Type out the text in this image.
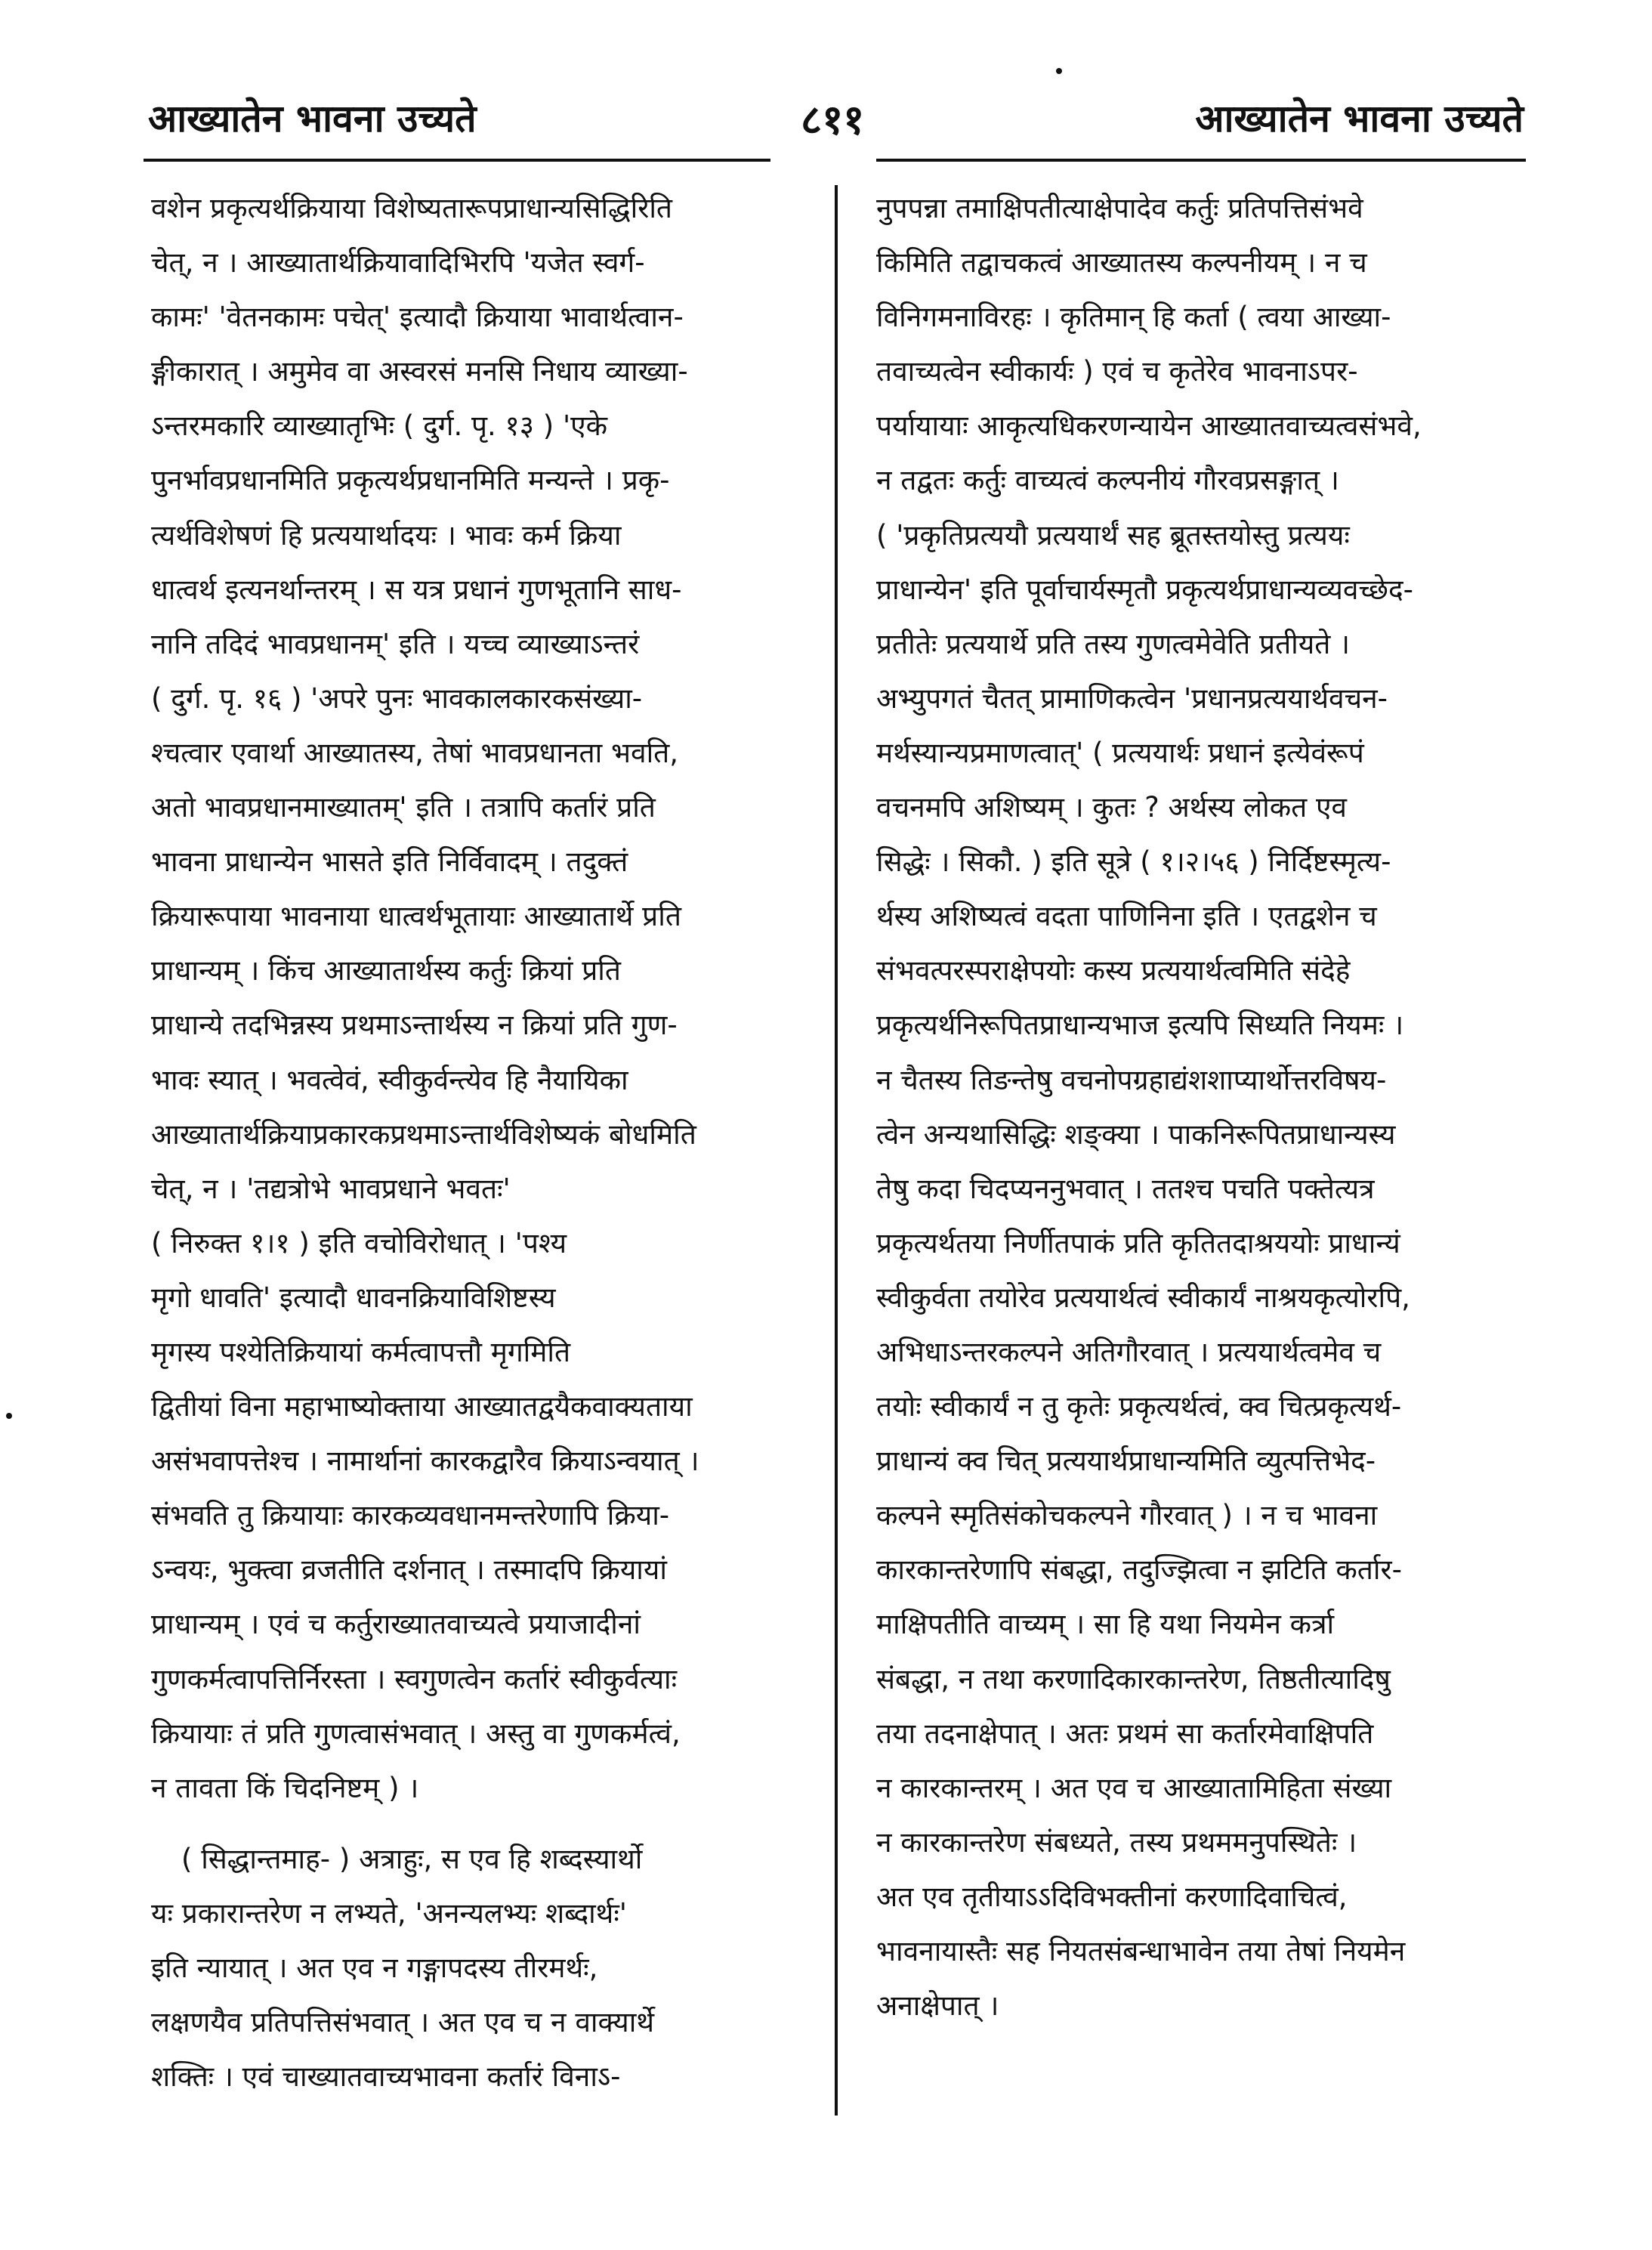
आख्यातेन भावना उच्यते	८११	आख्यातेन भावना उच्यते
वशेन प्रकृत्यर्थक्रियाया विशेष्यतारूपप्राधान्यसिद्धिरिति
चेत्, न । आख्यातार्थक्रियावादिभिरपि 'यजेत स्वर्ग-
कामः' 'वेतनकामः पचेत्' इत्यादौ क्रियाया भावार्थत्वान-
ङ्गीकारात् । अमुमेव वा अस्वरसं मनसि निधाय व्याख्या-
ऽन्तरमकारि व्याख्यातृभिः ( दुर्ग. पृ. १३ ) 'एके
पुनर्भावप्रधानमिति प्रकृत्यर्थप्रधानमिति मन्यन्ते । प्रकृ-
त्यर्थविशेषणं हि प्रत्ययार्थादयः । भावः कर्म क्रिया
धात्वर्थ इत्यनर्थान्तरम् । स यत्र प्रधानं गुणभूतानि साध-
नानि तदिदं भावप्रधानम्' इति । यच्च व्याख्याऽन्तरं
( दुर्ग. पृ. १६ ) 'अपरे पुनः भावकालकारकसंख्या-
श्चत्वार एवार्था आख्यातस्य, तेषां भावप्रधानता भवति,
अतो भावप्रधानमाख्यातम्' इति । तत्रापि कर्तारं प्रति
भावना प्राधान्येन भासते इति निर्विवादम् । तदुक्तं
क्रियारूपाया भावनाया धात्वर्थभूतायाः आख्यातार्थे प्रति
प्राधान्यम् । किंच आख्यातार्थस्य कर्तुः क्रियां प्रति
प्राधान्ये तदभिन्नस्य प्रथमाऽन्तार्थस्य न क्रियां प्रति गुण-
भावः स्यात् । भवत्वेवं, स्वीकुर्वन्त्येव हि नैयायिका
आख्यातार्थक्रियाप्रकारकप्रथमाऽन्तार्थविशेष्यकं बोधमिति
चेत्, न । 'तद्यत्रोभे भावप्रधाने भवतः'
( निरुक्त १।१ ) इति वचोविरोधात् । 'पश्य
मृगो धावति' इत्यादौ धावनक्रियाविशिष्टस्य
मृगस्य पश्येतिक्रियायां कर्मत्वापत्तौ मृगमिति
द्वितीयां विना महाभाष्योक्ताया आख्यातद्वयैकवाक्यताया
असंभवापत्तेश्च । नामार्थानां कारकद्वारैव क्रियाऽन्वयात् ।
संभवति तु क्रियायाः कारकव्यवधानमन्तरेणापि क्रिया-
ऽन्वयः, भुक्त्वा व्रजतीति दर्शनात् । तस्मादपि क्रियायां
प्राधान्यम् । एवं च कर्तुराख्यातवाच्यत्वे प्रयाजादीनां
गुणकर्मत्वापत्तिर्निरस्ता । स्वगुणत्वेन कर्तारं स्वीकुर्वत्याः
क्रियायाः तं प्रति गुणत्वासंभवात् । अस्तु वा गुणकर्मत्वं,
न तावता किं चिदनिष्टम् ) ।
( सिद्धान्तमाह- ) अत्राहुः, स एव हि शब्दस्यार्थो
यः प्रकारान्तरेण न लभ्यते, 'अनन्यलभ्यः शब्दार्थः'
इति न्यायात् । अत एव न गङ्गापदस्य तीरमर्थः,
लक्षणयैव प्रतिपत्तिसंभवात् । अत एव च न वाक्यार्थे
शक्तिः । एवं चाख्यातवाच्यभावना कर्तारं विनाऽ-
नुपपन्ना तमाक्षिपतीत्याक्षेपादेव कर्तुः प्रतिपत्तिसंभवे
किमिति तद्वाचकत्वं आख्यातस्य कल्पनीयम् । न च
विनिगमनाविरहः । कृतिमान् हि कर्ता ( त्वया आख्या-
तवाच्यत्वेन स्वीकार्यः ) एवं च कृतेरेव भावनाऽपर-
पर्यायायाः आकृत्यधिकरणन्यायेन आख्यातवाच्यत्वसंभवे,
न तद्वतः कर्तुः वाच्यत्वं कल्पनीयं गौरवप्रसङ्गात् ।
( 'प्रकृतिप्रत्ययौ प्रत्ययार्थं सह ब्रूतस्तयोस्तु प्रत्ययः
प्राधान्येन' इति पूर्वाचार्यस्मृतौ प्रकृत्यर्थप्राधान्यव्यवच्छेद-
प्रतीतेः प्रत्ययार्थे प्रति तस्य गुणत्वमेवेति प्रतीयते ।
अभ्युपगतं चैतत् प्रामाणिकत्वेन 'प्रधानप्रत्ययार्थवचन-
मर्थस्यान्यप्रमाणत्वात्' ( प्रत्ययार्थः प्रधानं इत्येवंरूपं
वचनमपि अशिष्यम् । कुतः ? अर्थस्य लोकत एव
सिद्धेः । सिकौ. ) इति सूत्रे ( १।२।५६ ) निर्दिष्टस्मृत्य-
र्थस्य अशिष्यत्वं वदता पाणिनिना इति । एतद्वशेन च
संभवत्परस्पराक्षेपयोः कस्य प्रत्ययार्थत्वमिति संदेहे
प्रकृत्यर्थनिरूपितप्राधान्यभाज इत्यपि सिध्यति नियमः ।
न चैतस्य तिङन्तेषु वचनोपग्रहाद्यंशशाप्यार्थोत्तरविषय-
त्वेन अन्यथासिद्धिः शङ्क्या । पाकनिरूपितप्राधान्यस्य
तेषु कदा चिदप्यननुभवात् । ततश्च पचति पक्तेत्यत्र
प्रकृत्यर्थतया निर्णीतपाकं प्रति कृतितदाश्रययोः प्राधान्यं
स्वीकुर्वता तयोरेव प्रत्ययार्थत्वं स्वीकार्यं नाश्रयकृत्योरपि,
अभिधाऽन्तरकल्पने अतिगौरवात् । प्रत्ययार्थत्वमेव च
तयोः स्वीकार्यं न तु कृतेः प्रकृत्यर्थत्वं, क्व चित्प्रकृत्यर्थ-
प्राधान्यं क्व चित् प्रत्ययार्थप्राधान्यमिति व्युत्पत्तिभेद-
कल्पने स्मृतिसंकोचकल्पने गौरवात् ) । न च भावना
कारकान्तरेणापि संबद्धा, तदुज्झित्वा न झटिति कर्तार-
माक्षिपतीति वाच्यम् । सा हि यथा नियमेन कर्त्रा
संबद्धा, न तथा करणादिकारकान्तरेण, तिष्ठतीत्यादिषु
तया तदनाक्षेपात् । अतः प्रथमं सा कर्तारमेवाक्षिपति
न कारकान्तरम् । अत एव च आख्यातामिहिता संख्या
न कारकान्तरेण संबध्यते, तस्य प्रथममनुपस्थितेः ।
अत एव तृतीयाऽऽदिविभक्तीनां करणादिवाचित्वं,
भावनायास्तैः सह नियतसंबन्धाभावेन तया तेषां नियमेन
अनाक्षेपात् ।
